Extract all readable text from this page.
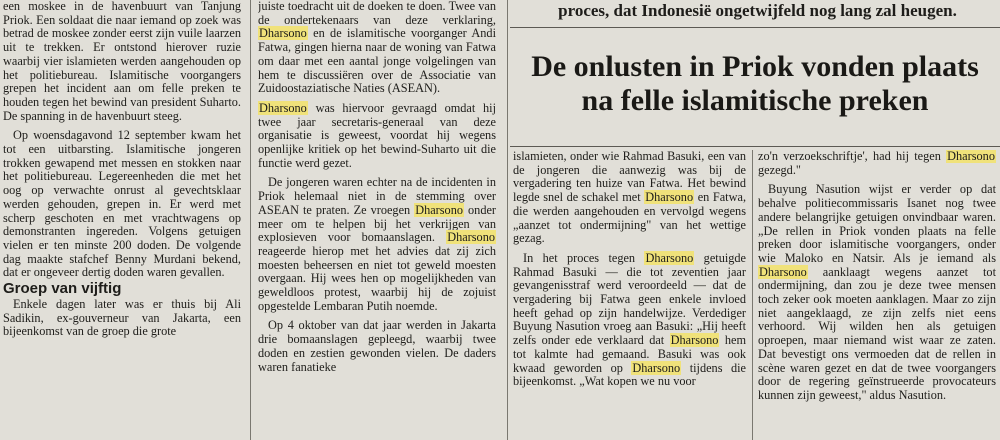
een moskee in de havenbuurt van Tanjung Priok. Een soldaat die naar iemand op zoek was betrad de moskee zonder eerst zijn vuile laarzen uit te trekken. Er ontstond hierover ruzie waarbij vier islamieten werden aangehouden op het politiebureau. Islamitische voorgangers grepen het incident aan om felle preken te houden tegen het bewind van president Suharto. De spanning in de havenbuurt steeg.

Op woensdagavond 12 september kwam het tot een uitbarsting. Islamitische jongeren trokken gewapend met messen en stokken naar het politiebureau. Legereenheden die met het oog op verwachte onrust al gevechtsklaar werden gehouden, grepen in. Er werd met scherp geschoten en met vrachtwagens op demonstranten ingereden. Volgens getuigen vielen er ten minste 200 doden. De volgende dag maakte stafchef Benny Murdani bekend, dat er ongeveer dertig doden waren gevallen.

Groep van vijftig

Enkele dagen later was er thuis bij Ali Sadikin, ex-gouverneur van Jakarta, een bijeenkomst van de groep die grote

juiste toedracht uit de doeken te doen. Twee van de ondertekenaars van deze verklaring, Dharsono en de islamitische voorganger Andi Fatwa, gingen hierna naar de woning van Fatwa om daar met een aantal jonge volgelingen van hem te discussiëren over de Associatie van Zuidoostaziatische Naties (ASEAN).

Dharsono was hiervoor gevraagd omdat hij twee jaar secretaris-generaal van deze organisatie is geweest, voordat hij wegens openlijke kritiek op het bewind-Suharto uit die functie werd gezet.

De jongeren waren echter na de incidenten in Priok helemaal niet in de stemming over ASEAN te praten. Ze vroegen Dharsono onder meer om te helpen bij het verkrijgen van explosieven voor bomaanslagen. Dharsono reageerde hierop met het advies dat zij zich moesten beheersen en niet tot geweld moesten overgaan. Hij wees hen op mogelijkheden van geweldloos protest, waarbij hij de zojuist opgestelde Lembaran Putih noemde.

Op 4 oktober van dat jaar werden in Jakarta drie bomaanslagen gepleegd, waarbij twee doden en zestien gewonden vielen. De daders waren fanatieke

proces, dat Indonesië ongetwijfeld nog lang zal heugen.
De onlusten in Priok vonden plaats na felle islamitische preken

islamieten, onder wie Rahmad Basuki, een van de jongeren die aanwezig was bij de vergadering ten huize van Fatwa. Het bewind legde snel de schakel met Dharsono en Fatwa, die werden aangehouden en vervolgd wegens „aanzet tot ondermijning" van het wettige gezag.

In het proces tegen Dharsono getuigde Rahmad Basuki — die tot zeventien jaar gevangenisstraf werd veroordeeld — dat de vergadering bij Fatwa geen enkele invloed heeft gehad op zijn handelwijze. Verdediger Buyung Nasution vroeg aan Basuki: „Hij heeft zelfs onder ede verklaard dat Dharsono hem tot kalmte had gemaand. Basuki was ook kwaad geworden op Dharsono tijdens die bijeenkomst. „Wat kopen we nu voor

zo'n verzoekschriftje', had hij tegen Dharsono gezegd."

Buyung Nasution wijst er verder op dat behalve politiecommissaris Isanet nog twee andere belangrijke getuigen onvindbaar waren. „De rellen in Priok vonden plaats na felle preken door islamitische voorgangers, onder wie Maloko en Natsir. Als je iemand als Dharsono aanklaagt wegens aanzet tot ondermijning, dan zou je deze twee mensen toch zeker ook moeten aanklagen. Maar zo zijn niet aangeklaagd, ze zijn zelfs niet eens verhoord. Wij wilden hen als getuigen oproepen, maar niemand wist waar ze zaten. Dat bevestigt ons vermoeden dat de rellen in scène waren gezet en dat de twee voorgangers door de regering geïnstrueerde provocateurs kunnen zijn geweest," aldus Nasution.
